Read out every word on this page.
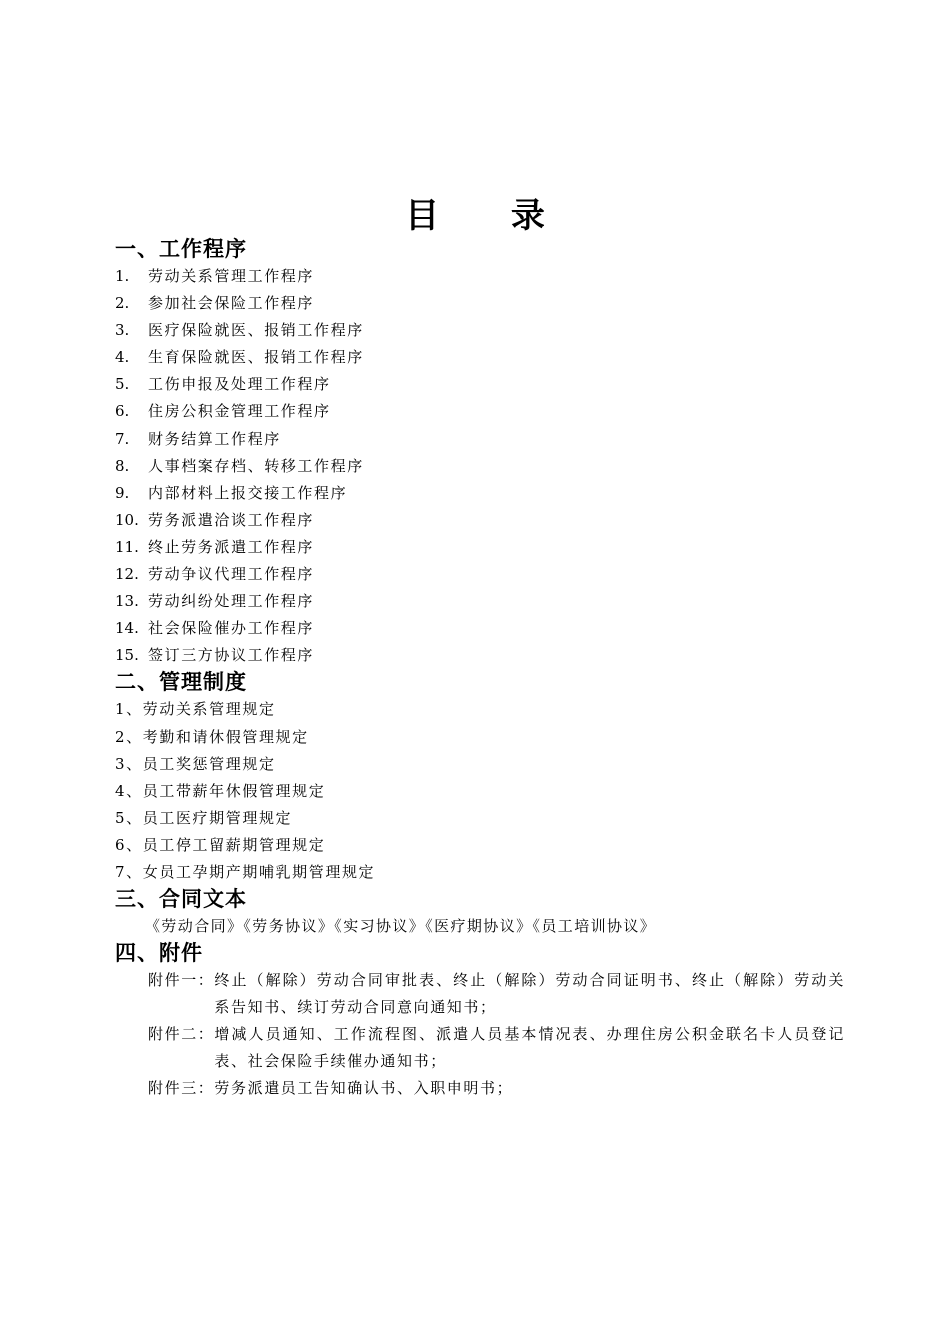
目 录
一、工作程序
1. 劳动关系管理工作程序
2. 参加社会保险工作程序
3. 医疗保险就医、报销工作程序
4. 生育保险就医、报销工作程序
5. 工伤申报及处理工作程序
6. 住房公积金管理工作程序
7. 财务结算工作程序
8. 人事档案存档、转移工作程序
9. 内部材料上报交接工作程序
10. 劳务派遣洽谈工作程序
11. 终止劳务派遣工作程序
12. 劳动争议代理工作程序
13. 劳动纠纷处理工作程序
14. 社会保险催办工作程序
15. 签订三方协议工作程序
二、管理制度
1、劳动关系管理规定
2、考勤和请休假管理规定
3、员工奖惩管理规定
4、员工带薪年休假管理规定
5、员工医疗期管理规定
6、员工停工留薪期管理规定
7、女员工孕期产期哺乳期管理规定
三、合同文本
《劳动合同》《劳务协议》《实习协议》《医疗期协议》《员工培训协议》
四、附件
附件一： 终止（解除）劳动合同审批表、终止（解除）劳动合同证明书、终止（解除）劳动关系告知书、续订劳动合同意向通知书；
附件二： 增减人员通知、工作流程图、派遣人员基本情况表、办理住房公积金联名卡人员登记表、社会保险手续催办通知书；
附件三： 劳务派遣员工告知确认书、入职申明书；
